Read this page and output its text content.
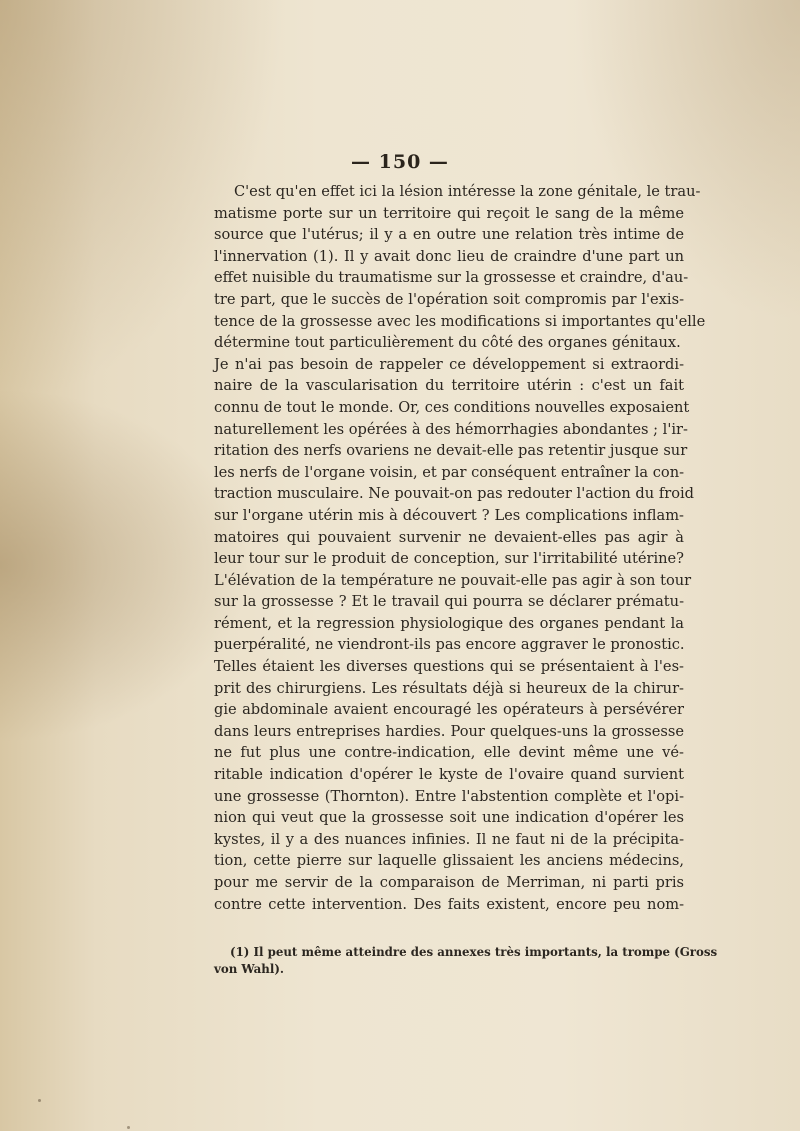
— 150 —
C'est qu'en effet ici la lésion intéresse la zone génitale, le trau-
matisme porte sur un territoire qui reçoit le sang de la même
source que l'utérus; il y a en outre une relation très intime de
l'innervation (1). Il y avait donc lieu de craindre d'une part un
effet nuisible du traumatisme sur la grossesse et craindre, d'au-
tre part, que le succès de l'opération soit compromis par l'exis-
tence de la grossesse avec les modifications si importantes qu'elle
détermine tout particulièrement du côté des organes génitaux.
Je n'ai pas besoin de rappeler ce développement si extraordi-
naire de la vascularisation du territoire utérin : c'est un fait
connu de tout le monde. Or, ces conditions nouvelles exposaient
naturellement les opérées à des hémorrhagies abondantes ; l'ir-
ritation des nerfs ovariens ne devait-elle pas retentir jusque sur
les nerfs de l'organe voisin, et par conséquent entraîner la con-
traction musculaire. Ne pouvait-on pas redouter l'action du froid
sur l'organe utérin mis à découvert ? Les complications inflam-
matoires qui pouvaient survenir ne devaient-elles pas agir à
leur tour sur le produit de conception, sur l'irritabilité utérine?
L'élévation de la température ne pouvait-elle pas agir à son tour
sur la grossesse ? Et le travail qui pourra se déclarer prématu-
rément, et la regression physiologique des organes pendant la
puerpéralité, ne viendront-ils pas encore aggraver le pronostic.
Telles étaient les diverses questions qui se présentaient à l'es-
prit des chirurgiens. Les résultats déjà si heureux de la chirur-
gie abdominale avaient encouragé les opérateurs à persévérer
dans leurs entreprises hardies. Pour quelques-uns la grossesse
ne fut plus une contre-indication, elle devint même une vé-
ritable indication d'opérer le kyste de l'ovaire quand survient
une grossesse (Thornton). Entre l'abstention complète et l'opi-
nion qui veut que la grossesse soit une indication d'opérer les
kystes, il y a des nuances infinies. Il ne faut ni de la précipita-
tion, cette pierre sur laquelle glissaient les anciens médecins,
pour me servir de la comparaison de Merriman, ni parti pris
contre cette intervention. Des faits existent, encore peu nom-
(1) Il peut même atteindre des annexes très importants, la trompe (Gross
von Wahl).
